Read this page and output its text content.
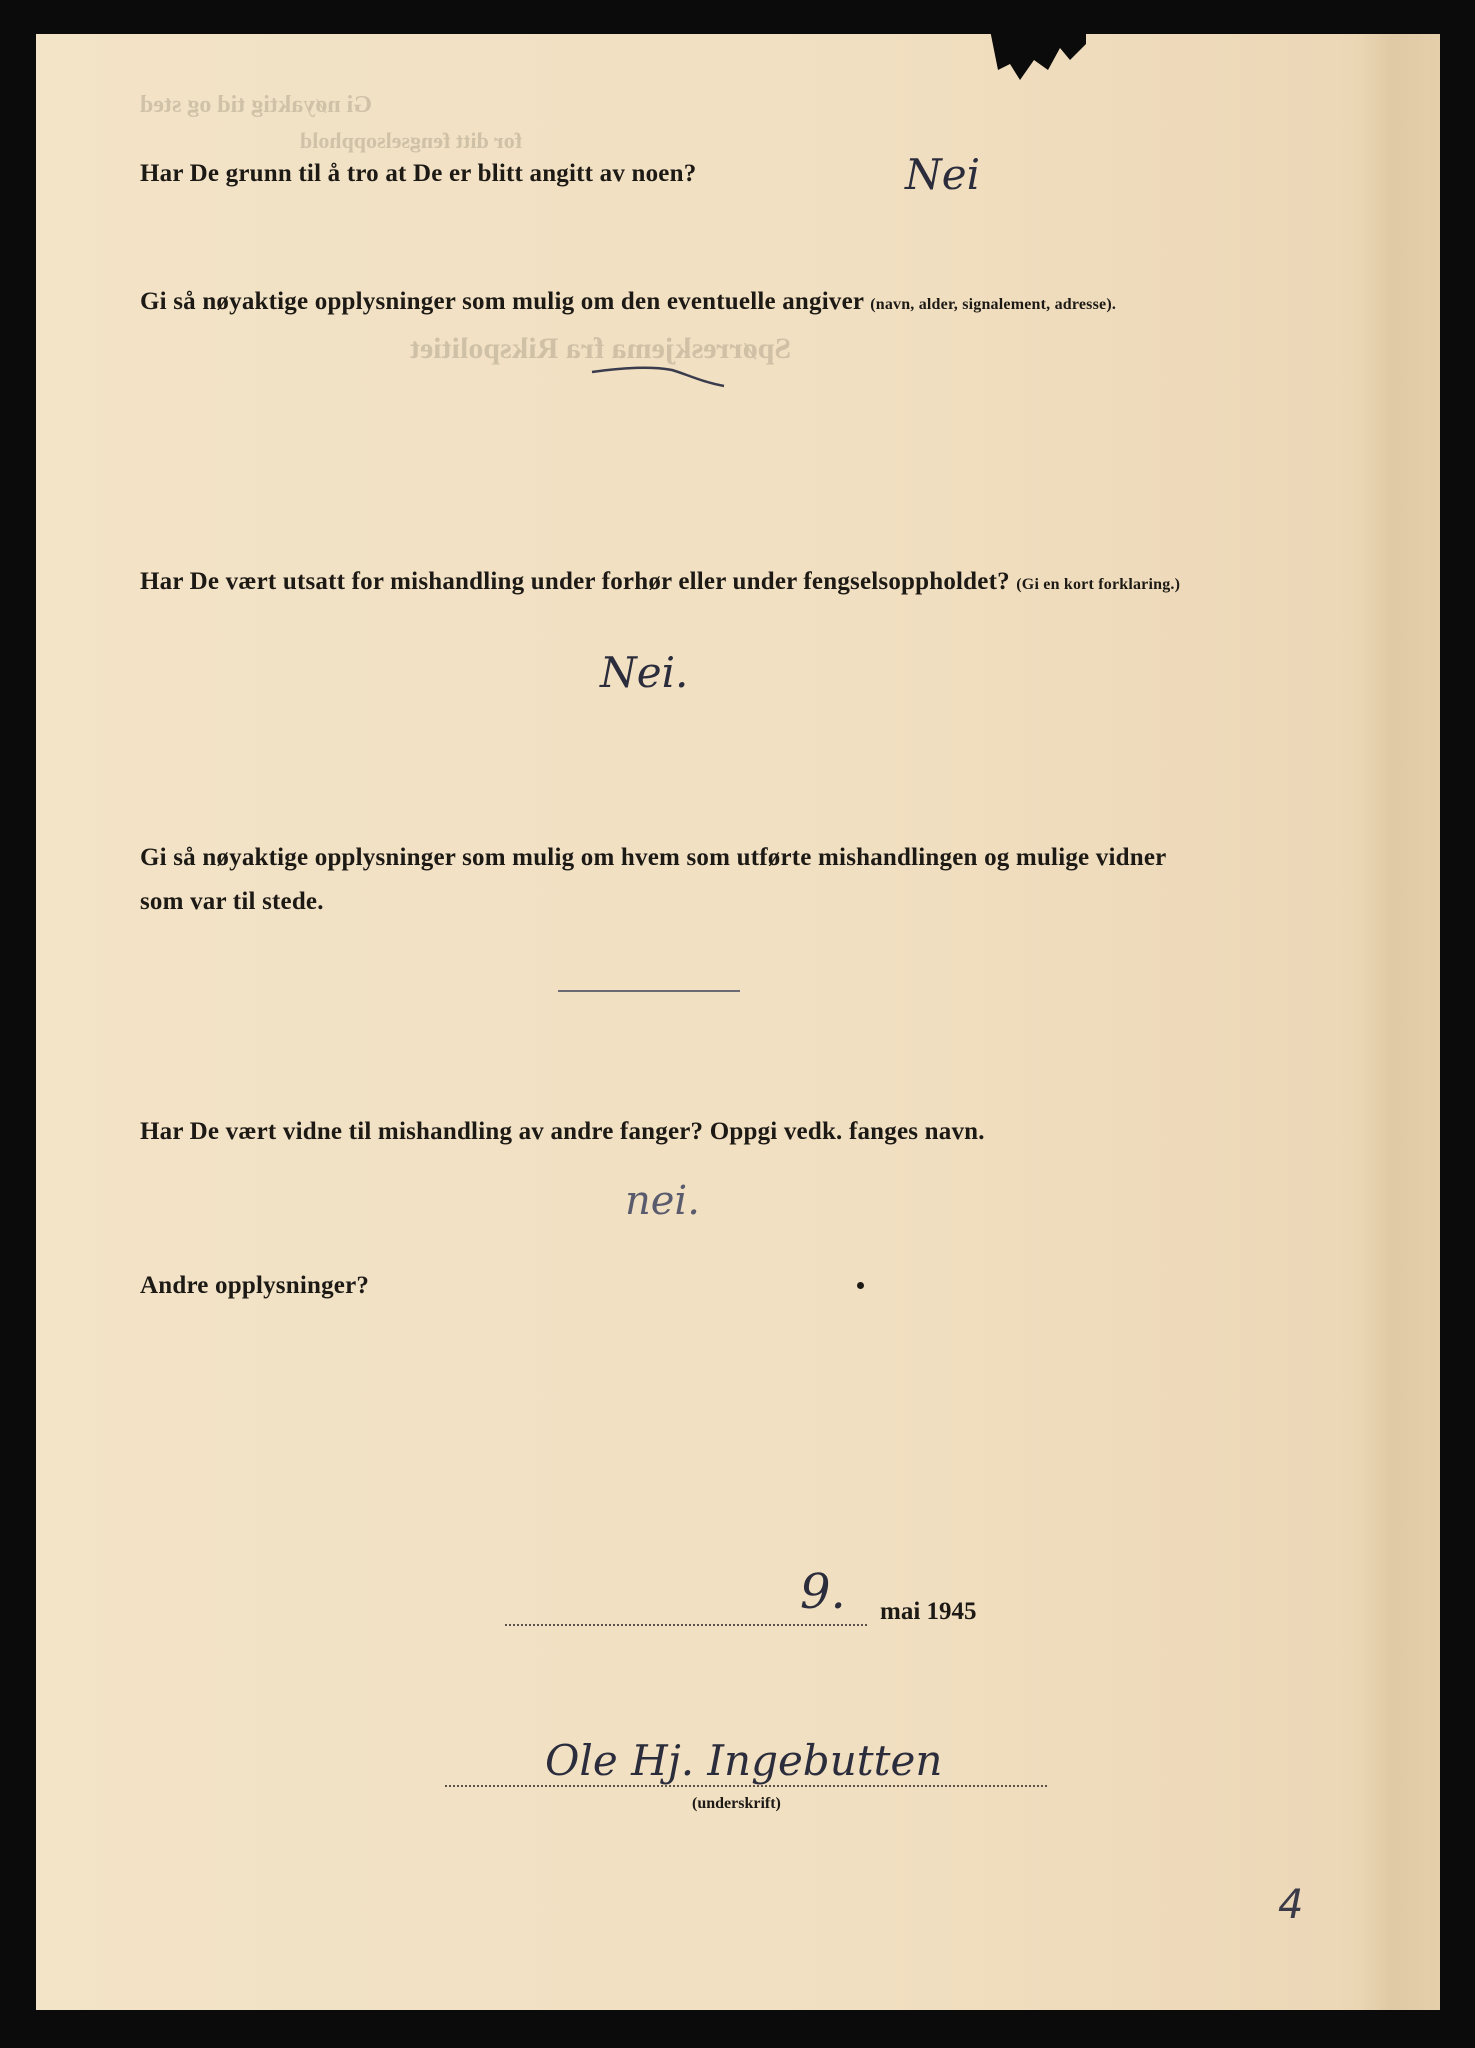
Gi nøyaktig tid og sted
for ditt fengselsopphold
Spørreskjema fra Rikspolitiet
Har De grunn til å tro at De er blitt angitt av noen?	Nei
Gi så nøyaktige opplysninger som mulig om den eventuelle angiver (navn, alder, signalement, adresse).
Har De vært utsatt for mishandling under forhør eller under fengselsoppholdet? (Gi en kort forklaring.)
Nei.
Gi så nøyaktige opplysninger som mulig om hvem som utførte mishandlingen og mulige vidner
som var til stede.
Har De vært vidne til mishandling av andre fanger? Oppgi vedk. fanges navn.
nei.
Andre opplysninger?
9. mai 1945
Ole Hj. Ingebutten
(underskrift)
4
